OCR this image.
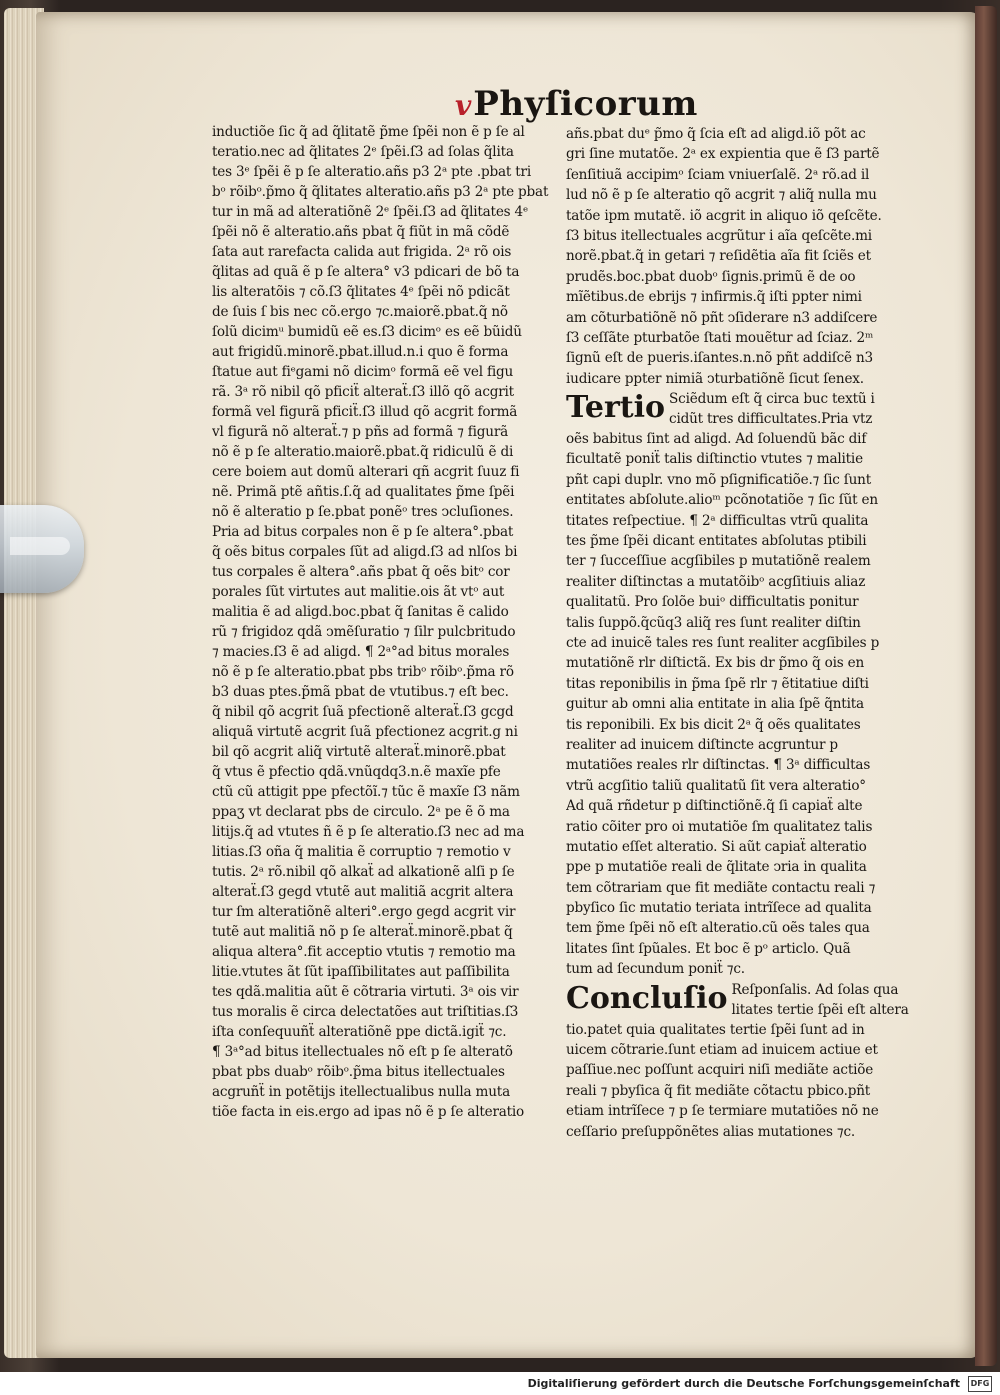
v Phyſicorum
inductiõe ſic q̃ ad q̃litatẽ p̃me ſpẽi non ẽ p ſe al
teratio.nec ad q̃litates 2ᵉ ſpẽi.ſ3 ad ſolas q̃lita
tes 3ᵉ ſpẽi ẽ p ſe alteratio.añs p3 2ᵃ pte .pbat tri
bᵒ rõibᵒ.p̃mo q̃ q̃litates alteratio.añs p3 2ᵃ pte pbat
tur in mã ad alteratiõnẽ 2ᵉ ſpẽi.ſ3 ad q̃litates 4ᵉ
ſpẽi nõ ẽ alteratio.añs pbat q̃ fiũt in mã cõdẽ
ſata aut rarefacta calida aut frigida. 2ᵃ rõ ois
q̃litas ad quã ẽ p ſe altera° v3 pdicari de bõ ta
lis alteratõis ⁊ cõ.ſ3 q̃litates 4ᵉ ſpẽi nõ pdicãt
de ſuis ſ bis nec cõ.ergo ⁊c.maiorẽ.pbat.q̃ nõ
ſolũ dicimᵘ bumidũ eẽ es.ſ3 dicimᵒ es eẽ bũidũ
aut frigidũ.minorẽ.pbat.illud.n.i quo ẽ forma
ſtatue aut fiᵉgami nõ dicimᵒ formã eẽ vel figu
rã. 3ᵃ rõ nibil qõ pficiẗ alteraẗ.ſ3 illõ qõ acgrit
formã vel figurã pficiẗ.ſ3 illud qõ acgrit formã
vl figurã nõ alteraẗ.⁊ p pñs ad formã ⁊ figurã
nõ ẽ p ſe alteratio.maiorẽ.pbat.q̃ ridiculũ ẽ di
cere boiem aut domũ alterari qñ acgrit ſuuz fi
nẽ. Primã ptẽ añtis.ſ.q̃ ad qualitates p̃me ſpẽi
nõ ẽ alteratio p ſe.pbat ponẽᵒ tres ↄcluſiones.
Pria ad bitus corpales non ẽ p ſe altera°.pbat
q̃ oẽs bitus corpales ſũt ad aligd.ſ3 ad nlſos bi
tus corpales ẽ altera°.añs pbat q̃ oẽs bitᵒ cor
porales ſũt virtutes aut malitie.ois ãt vtᵒ aut
malitia ẽ ad aligd.boc.pbat q̃ ſanitas ẽ calido
rũ ⁊ frigidoz qdã ↄmẽſuratio ⁊ ſilr pulcbritudo
⁊ macies.ſ3 ẽ ad aligd. ¶ 2ᵃ°ad bitus morales
nõ ẽ p ſe alteratio.pbat pbs tribᵒ rõibᵒ.p̃ma rõ
b3 duas ptes.p̃mã pbat de vtutibus.⁊ eſt bec.
q̃ nibil qõ acgrit ſuã pfectionẽ alteraẗ.ſ3 gcgd
aliquã virtutẽ acgrit ſuã pfectionez acgrit.g ni
bil qõ acgrit aliq̃ virtutẽ alteraẗ.minorẽ.pbat
q̃ vtus ẽ pfectio qdã.vnũqdq3.n.ẽ maxĩe pfe
ctũ cũ attigit ppe pfectõĩ.⁊ tũc ẽ maxĩe ſ3 nãm
ppaʒ vt declarat pbs de circulo. 2ᵃ pe ẽ õ ma
litijs.q̃ ad vtutes ñ ẽ p ſe alteratio.ſ3 nec ad ma
litias.ſ3 oña q̃ malitia ẽ corruptio ⁊ remotio v
tutis. 2ᵃ rõ.nibil qõ alkaẗ ad alkationẽ alſi p ſe
alteraẗ.ſ3 gegd vtutẽ aut malitiã acgrit altera
tur ſm alteratiõnẽ alteri°.ergo gegd acgrit vir
tutẽ aut malitiã nõ p ſe alteraẗ.minorẽ.pbat q̃
aliqua altera°.fit acceptio vtutis ⁊ remotio ma
litie.vtutes ãt ſũt ipaſſibilitates aut paſſibilita
tes qdã.malitia aũt ẽ cõtraria virtuti. 3ᵃ ois vir
tus moralis ẽ circa delectatões aut triſtitias.ſ3
iſta conſequuñẗ alteratiõnẽ ppe dictã.igiẗ ⁊c.
¶ 3ᵃ°ad bitus itellectuales nõ eſt p ſe alteratõ
pbat pbs duabᵒ rõibᵒ.p̃ma bitus itellectuales
acgruñẗ in potẽtijs itellectualibus nulla muta
tiõe facta in eis.ergo ad ipas nõ ẽ p ſe alteratio
añs.pbat duᵉ p̃mo q̃ ſcia eſt ad aligd.iõ põt ac
gri ſine mutatõe. 2ᵃ ex expientia que ẽ ſ3 partẽ
ſenſitiuã accipimᵒ ſciam vniuerſalẽ. 2ᵃ rõ.ad il
lud nõ ẽ p ſe alteratio qõ acgrit ⁊ aliq̃ nulla mu
tatõe ipm mutatẽ. iõ acgrit in aliquo iõ qeſcẽte.
ſ3 bitus itellectuales acgrũtur i aĩa qeſcẽte.mi
norẽ.pbat.q̃ in getari ⁊ reſidẽtia aĩa fit ſciẽs et
prudẽs.boc.pbat duobᵒ ſignis.primũ ẽ de oo
mĩẽtibus.de ebrijs ⁊ infirmis.q̃ iſti ppter nimi
am cõturbatiõnẽ nõ pñt ↄſiderare n3 addiſcere
ſ3 ceſſãte pturbatõe ſtati mouẽtur ad ſciaz. 2ᵐ
ſignũ eſt de pueris.iſantes.n.nõ pñt addiſcẽ n3
iudicare ppter nimiã ↄturbatiõnẽ ſicut ſenex.
Tertio Sciẽdum eſt q̃ circa buc textũ i
cidũt tres difficultates.Pria vtz
oẽs babitus ſint ad aligd. Ad ſoluendũ bãc dif
ficultatẽ poniẗ talis diſtinctio vtutes ⁊ malitie
pñt capi duplr. vno mõ pſignificatiõe.⁊ ſic ſunt
entitates abſolute.alioᵐ pcõnotatiõe ⁊ ſic ſũt en
titates reſpectiue. ¶ 2ᵃ difficultas vtrũ qualita
tes p̃me ſpẽi dicant entitates abſolutas ptibili
ter ⁊ ſucceſſiue acgſibiles p mutatiõnẽ realem
realiter diſtinctas a mutatõibᵒ acgſitiuis aliaz
qualitatũ. Pro ſolõe buiᵒ difficultatis ponitur
talis ſuppõ.q̃cũq3 aliq̃ res ſunt realiter diſtin
cte ad inuicẽ tales res ſunt realiter acgſibiles p
mutatiõnẽ rlr diſtictã. Ex bis dr p̃mo q̃ ois en
titas reponibilis in p̃ma ſpẽ rlr ⁊ ẽtitatiue diſti
guitur ab omni alia entitate in alia ſpẽ q̃ntita
tis reponibili. Ex bis dicit 2ᵃ q̃ oẽs qualitates
realiter ad inuicem diſtincte acgruntur p
mutatiões reales rlr diſtinctas. ¶ 3ᵃ difficultas
vtrũ acgſitio taliũ qualitatũ ſit vera alteratio°
Ad quã rñdetur p diſtinctiõnẽ.q̃ ſi capiaẗ alte
ratio cõiter pro oi mutatiõe ſm qualitatez talis
mutatio eſſet alteratio. Si aũt capiaẗ alteratio
ppe p mutatiõe reali de q̃litate ↄria in qualita
tem cõtrariam que fit mediãte contactu reali ⁊
pbyſico ſic mutatio teriata intrĩſece ad qualita
tem p̃me ſpẽi nõ eſt alteratio.cũ oẽs tales qua
litates ſint ſpũales. Et boc ẽ pᵒ articlo. Quã
tum ad ſecundum poniẗ ⁊c.
Concluſio Reſponſalis. Ad ſolas qua
litates tertie ſpẽi eſt altera
tio.patet quia qualitates tertie ſpẽi ſunt ad in
uicem cõtrarie.ſunt etiam ad inuicem actiue et
paſſiue.nec poſſunt acquiri niſi mediãte actiõe
reali ⁊ pbyſica q̃ fit mediãte cõtactu pbico.pñt
etiam intrĩſece ⁊ p ſe termiare mutatiões nõ ne
ceſſario preſuppõnẽtes alias mutationes ⁊c.
Digitaliſierung gefördert durch die Deutsche Forſchungsgemeinſchaft	DFG
